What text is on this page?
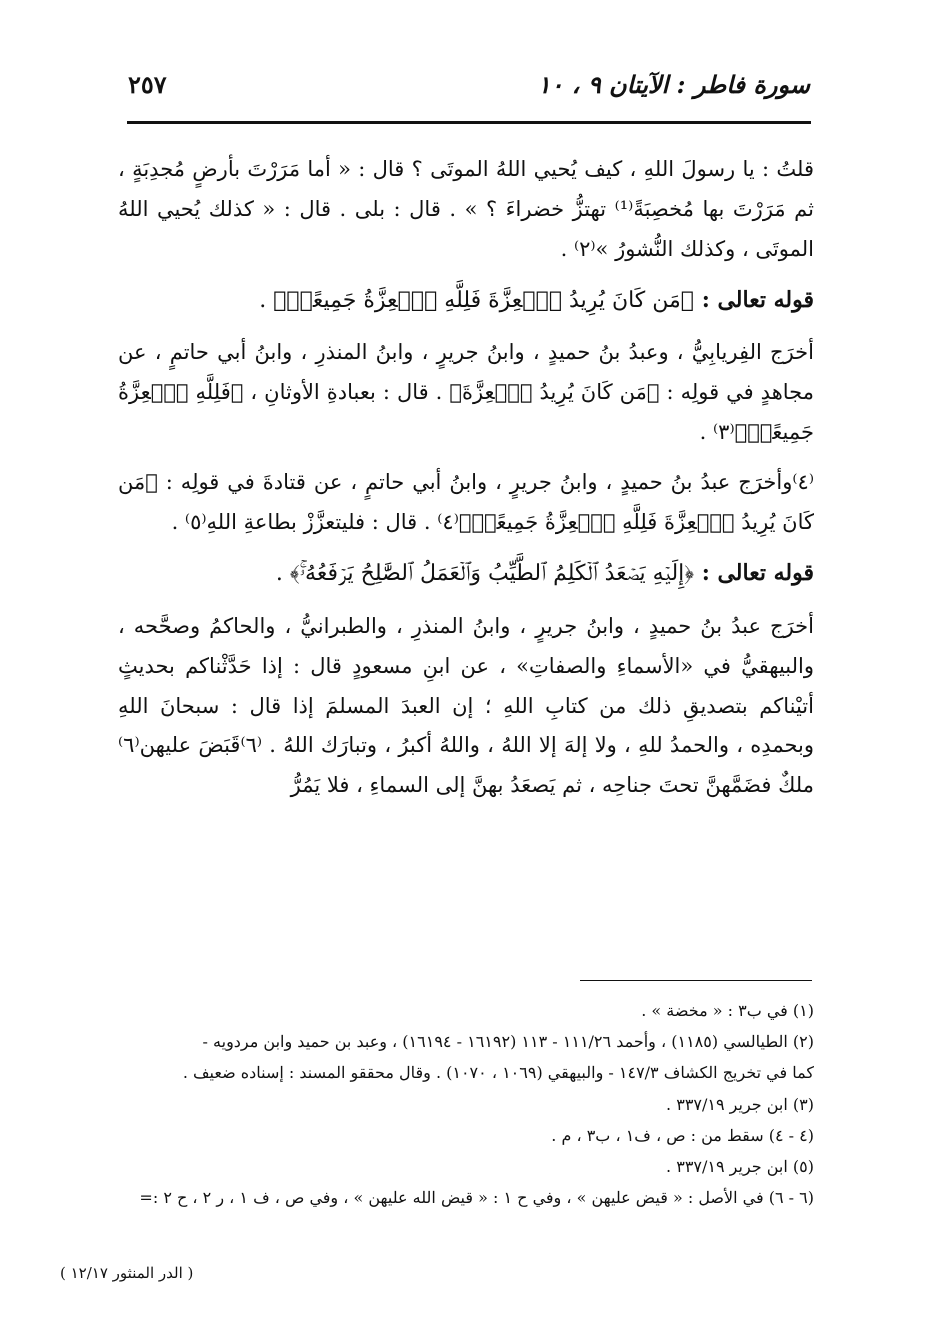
سورة فاطر : الآيتان ٩ ، ١٠
٢٥٧

قلتُ : يا رسولَ اللهِ ، كيف يُحيي اللهُ الموتَى ؟ قال : « أما مَرَرْتَ بأرضٍ مُجدِبَةٍ ، ثم مَرَرْتَ بها مُخصِبَةً⁽¹⁾ تهتزُّ خضراءَ ؟ » . قال : بلى . قال : « كذلك يُحيي اللهُ الموتَى ، وكذلك النُّشورُ »⁽٢⁾ .

قوله تعالى : ﴿مَن كَانَ يُرِيدُ ٱلۡعِزَّةَ فَلِلَّهِ ٱلۡعِزَّةُ جَمِيعًاۚ﴾ .

أخرَج الفِريابِيُّ ، وعبدُ بنُ حميدٍ ، وابنُ جريرٍ ، وابنُ المنذرِ ، وابنُ أبي حاتمٍ ، عن مجاهدٍ في قولِه : ﴿مَن كَانَ يُرِيدُ ٱلۡعِزَّةَ﴾ . قال : بعبادةِ الأوثانِ ، ﴿فَلِلَّهِ ٱلۡعِزَّةُ جَمِيعًاۚ﴾⁽٣⁾ .

⁽٤⁾وأخرَج عبدُ بنُ حميدٍ ، وابنُ جريرٍ ، وابنُ أبي حاتمٍ ، عن قتادةَ في قولِه : ﴿مَن كَانَ يُرِيدُ ٱلۡعِزَّةَ فَلِلَّهِ ٱلۡعِزَّةُ جَمِيعًاۚ﴾⁽٤⁾ . قال : فليتعزَّزْ بطاعةِ اللهِ⁽٥⁾ .

قوله تعالى : ﴿إِلَيۡهِ يَصۡعَدُ ٱلۡكَلِمُ ٱلطَّيِّبُ وَٱلۡعَمَلُ ٱلصَّٰلِحُ يَرۡفَعُهُۥۚ﴾ .

أخرَج عبدُ بنُ حميدٍ ، وابنُ جريرٍ ، وابنُ المنذرِ ، والطبرانيُّ ، والحاكمُ وصحَّحه ، والبيهقيُّ في «الأسماءِ والصفاتِ» ، عن ابنِ مسعودٍ قال : إذا حَدَّثْناكم بحديثٍ أتيْناكم بتصديقِ ذلك من كتابِ اللهِ ؛ إن العبدَ المسلمَ إذا قال : سبحانَ اللهِ وبحمدِه ، والحمدُ للهِ ، ولا إلهَ إلا اللهُ ، واللهُ أكبرُ ، وتبارَك اللهُ . ⁽٦⁾قَبَضَ عليهن⁽٦⁾ ملكٌ فضَمَّهنَّ تحتَ جناحِه ، ثم يَصعَدُ بهنَّ إلى السماءِ ، فلا يَمُرُّ

(١) في ب٣ : « مخضة » .

(٢) الطيالسي (١١٨٥) ، وأحمد ١١١/٢٦ - ١١٣ (١٦١٩٢ - ١٦١٩٤) ، وعبد بن حميد وابن مردويه -

كما في تخريج الكشاف ١٤٧/٣ - والبيهقي (١٠٦٩ ، ١٠٧٠) . وقال محققو المسند : إسناده ضعيف .

(٣) ابن جرير ٣٣٧/١٩ .

(٤ - ٤) سقط من : ص ، ف١ ، ب٣ ، م .

(٥) ابن جرير ٣٣٧/١٩ .

(٦ - ٦) في الأصل : « قيض عليهن » ، وفي ح ١ : « قيض الله عليهن » ، وفي ص ، ف ١ ، ر ٢ ، ح ٢ :=

( الدر المنثور ١٢/١٧ )
